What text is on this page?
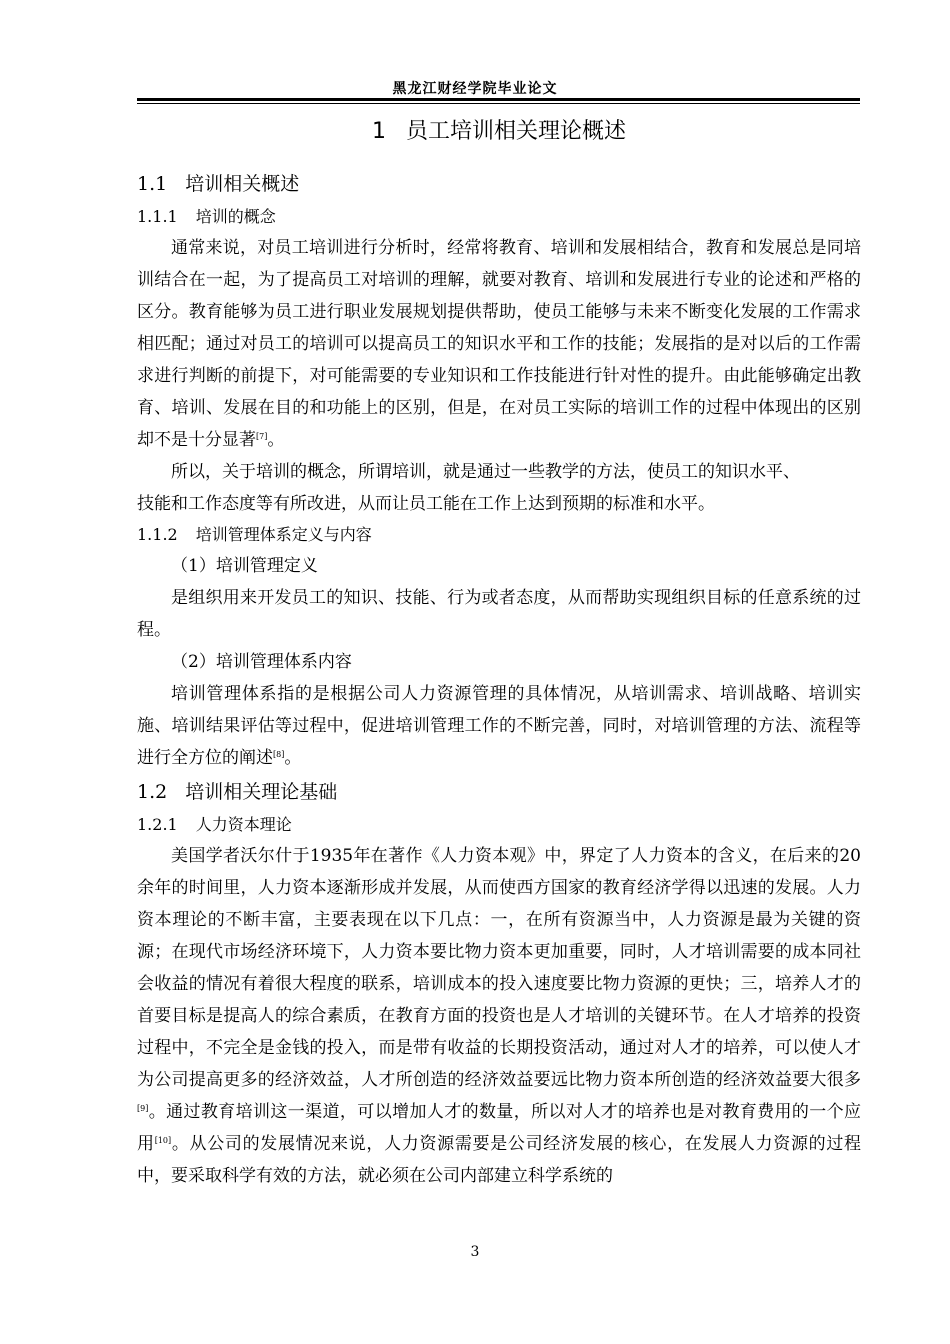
黑龙江财经学院毕业论文
1 员工培训相关理论概述
1.1 培训相关概述
1.1.1 培训的概念

通常来说，对员工培训进行分析时，经常将教育、培训和发展相结合，教育和发展总是同培训结合在一起，为了提高员工对培训的理解，就要对教育、培训和发展进行专业的论述和严格的区分。教育能够为员工进行职业发展规划提供帮助，使员工能够与未来不断变化发展的工作需求相匹配；通过对员工的培训可以提高员工的知识水平和工作的技能；发展指的是对以后的工作需求进行判断的前提下，对可能需要的专业知识和工作技能进行针对性的提升。由此能够确定出教育、培训、发展在目的和功能上的区别，但是，在对员工实际的培训工作的过程中体现出的区别却不是十分显著[7]。

所以，关于培训的概念，所谓培训，就是通过一些教学的方法，使员工的知识水平、

技能和工作态度等有所改进，从而让员工能在工作上达到预期的标准和水平。

1.1.2 培训管理体系定义与内容
（1）培训管理定义

是组织用来开发员工的知识、技能、行为或者态度，从而帮助实现组织目标的任意系统的过程。

（2）培训管理体系内容

培训管理体系指的是根据公司人力资源管理的具体情况，从培训需求、培训战略、培训实施、培训结果评估等过程中，促进培训管理工作的不断完善，同时，对培训管理的方法、流程等进行全方位的阐述[8]。

1.2 培训相关理论基础
1.2.1 人力资本理论

美国学者沃尔什于1935年在著作《人力资本观》中，界定了人力资本的含义，在后来的20余年的时间里，人力资本逐渐形成并发展，从而使西方国家的教育经济学得以迅速的发展。人力资本理论的不断丰富，主要表现在以下几点：一，在所有资源当中，人力资源是最为关键的资源；在现代市场经济环境下，人力资本要比物力资本更加重要，同时，人才培训需要的成本同社会收益的情况有着很大程度的联系，培训成本的投入速度要比物力资源的更快；三，培养人才的首要目标是提高人的综合素质，在教育方面的投资也是人才培训的关键环节。在人才培养的投资过程中，不完全是金钱的投入，而是带有收益的长期投资活动，通过对人才的培养，可以使人才为公司提高更多的经济效益，人才所创造的经济效益要远比物力资本所创造的经济效益要大很多[9]。通过教育培训这一渠道，可以增加人才的数量，所以对人才的培养也是对教育费用的一个应用[10]。从公司的发展情况来说，人力资源需要是公司经济发展的核心，在发展人力资源的过程中，要采取科学有效的方法，就必须在公司内部建立科学系统的

3
